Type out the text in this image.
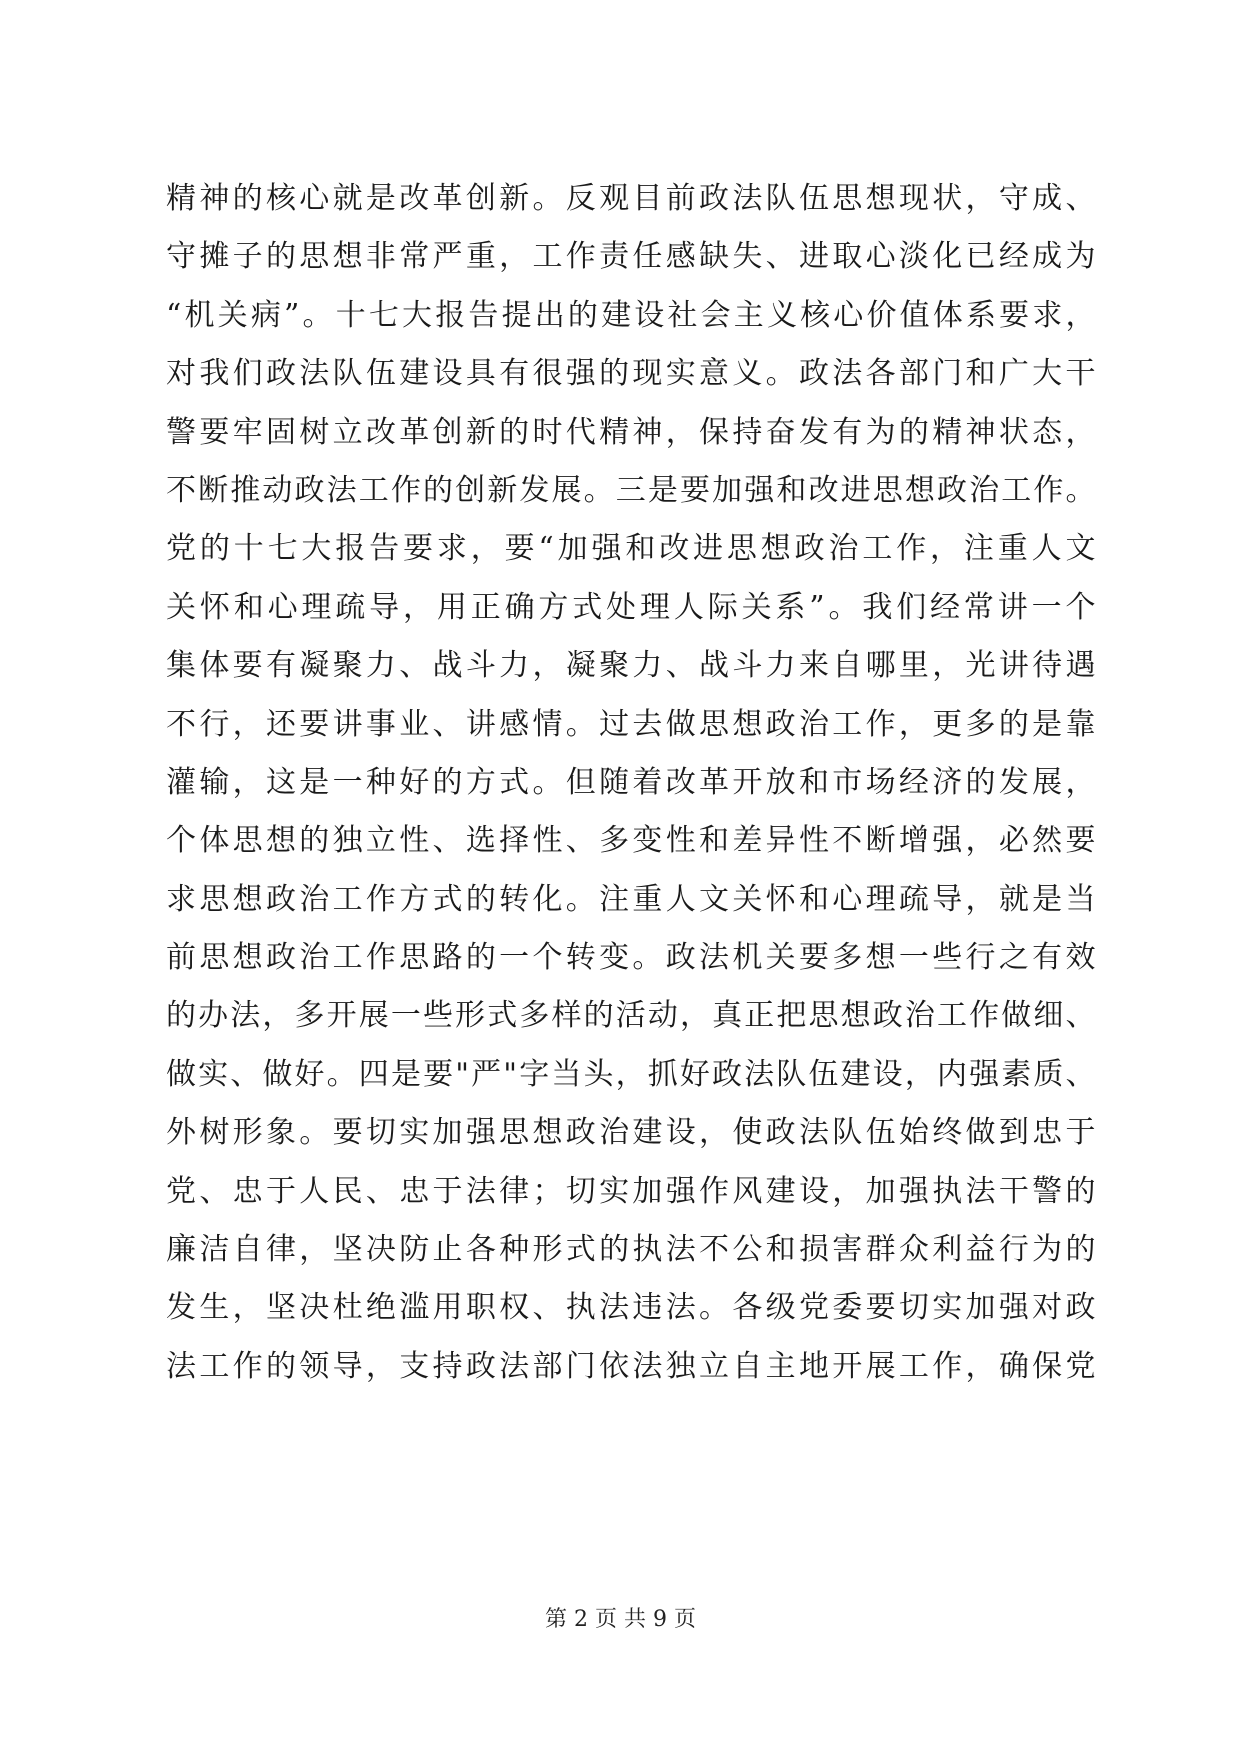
精神的核心就是改革创新。反观目前政法队伍思想现状，守成、
守摊子的思想非常严重，工作责任感缺失、进取心淡化已经成为
“机关病”。十七大报告提出的建设社会主义核心价值体系要求，
对我们政法队伍建设具有很强的现实意义。政法各部门和广大干
警要牢固树立改革创新的时代精神，保持奋发有为的精神状态，
不断推动政法工作的创新发展。三是要加强和改进思想政治工作。
党的十七大报告要求，要“加强和改进思想政治工作，注重人文
关怀和心理疏导，用正确方式处理人际关系”。我们经常讲一个
集体要有凝聚力、战斗力，凝聚力、战斗力来自哪里，光讲待遇
不行，还要讲事业、讲感情。过去做思想政治工作，更多的是靠
灌输，这是一种好的方式。但随着改革开放和市场经济的发展，
个体思想的独立性、选择性、多变性和差异性不断增强，必然要
求思想政治工作方式的转化。注重人文关怀和心理疏导，就是当
前思想政治工作思路的一个转变。政法机关要多想一些行之有效
的办法，多开展一些形式多样的活动，真正把思想政治工作做细、
做实、做好。四是要"严"字当头，抓好政法队伍建设，内强素质、
外树形象。要切实加强思想政治建设，使政法队伍始终做到忠于
党、忠于人民、忠于法律；切实加强作风建设，加强执法干警的
廉洁自律，坚决防止各种形式的执法不公和损害群众利益行为的
发生，坚决杜绝滥用职权、执法违法。各级党委要切实加强对政
法工作的领导，支持政法部门依法独立自主地开展工作，确保党
第 2 页 共 9 页
